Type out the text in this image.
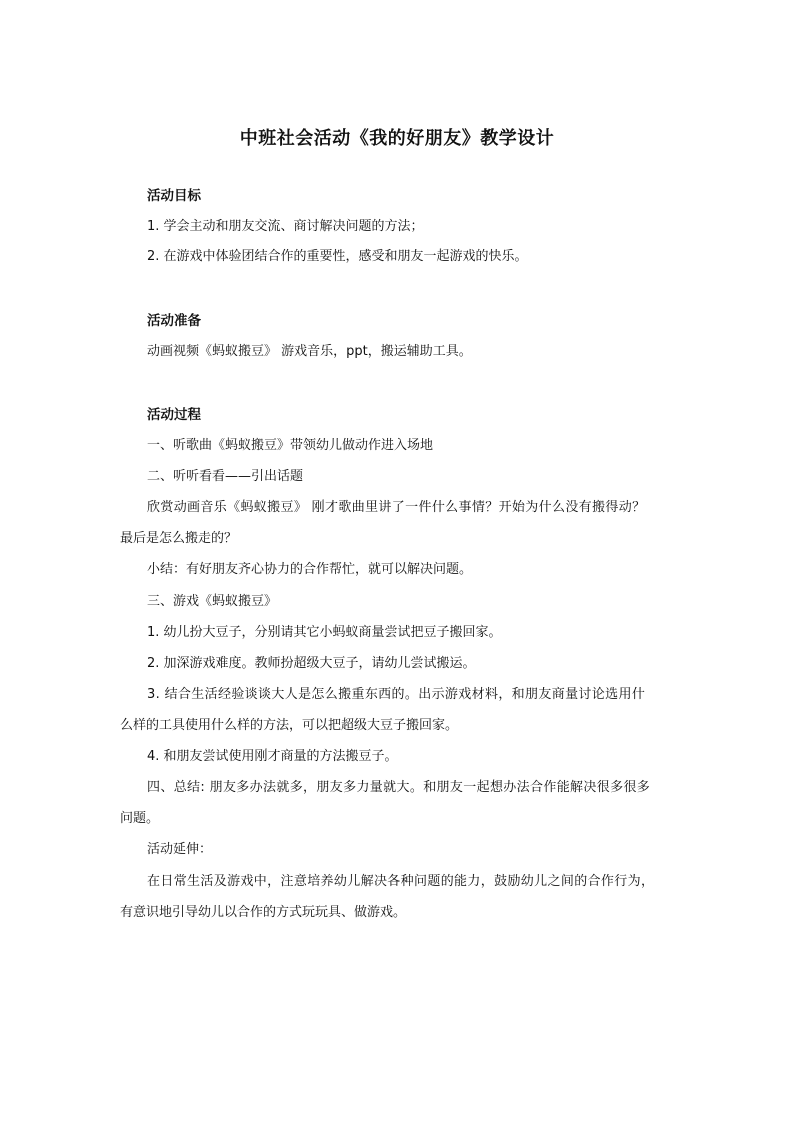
中班社会活动《我的好朋友》教学设计
活动目标
1. 学会主动和朋友交流、商讨解决问题的方法；
2. 在游戏中体验团结合作的重要性，感受和朋友一起游戏的快乐。
活动准备
动画视频《蚂蚁搬豆》 游戏音乐，ppt，搬运辅助工具。
活动过程
一、听歌曲《蚂蚁搬豆》带领幼儿做动作进入场地
二、听听看看——引出话题
欣赏动画音乐《蚂蚁搬豆》 刚才歌曲里讲了一件什么事情？开始为什么没有搬得动？
最后是怎么搬走的？
小结：有好朋友齐心协力的合作帮忙，就可以解决问题。
三、游戏《蚂蚁搬豆》
1. 幼儿扮大豆子，分别请其它小蚂蚁商量尝试把豆子搬回家。
2. 加深游戏难度。教师扮超级大豆子，请幼儿尝试搬运。
3. 结合生活经验谈谈大人是怎么搬重东西的。出示游戏材料，和朋友商量讨论选用什
么样的工具使用什么样的方法，可以把超级大豆子搬回家。
4. 和朋友尝试使用刚才商量的方法搬豆子。
四、总结: 朋友多办法就多，朋友多力量就大。和朋友一起想办法合作能解决很多很多
问题。
活动延伸：
在日常生活及游戏中，注意培养幼儿解决各种问题的能力，鼓励幼儿之间的合作行为，
有意识地引导幼儿以合作的方式玩玩具、做游戏。
